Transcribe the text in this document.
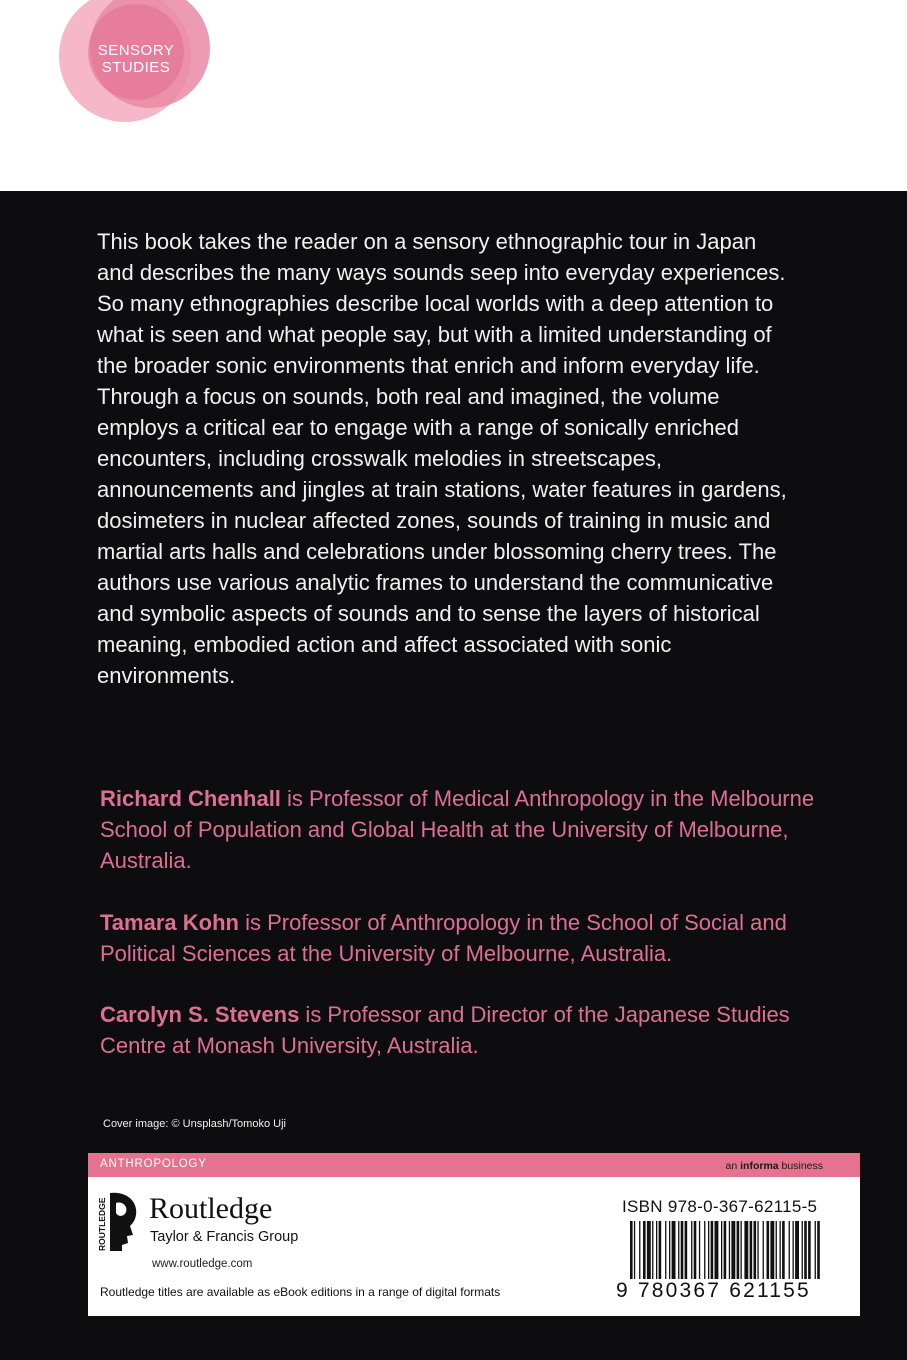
SENSORY
STUDIES

This book takes the reader on a sensory ethnographic tour in Japan and describes the many ways sounds seep into everyday experiences. So many ethnographies describe local worlds with a deep attention to what is seen and what people say, but with a limited understanding of the broader sonic environments that enrich and inform everyday life. Through a focus on sounds, both real and imagined, the volume employs a critical ear to engage with a range of sonically enriched encounters, including crosswalk melodies in streetscapes, announcements and jingles at train stations, water features in gardens, dosimeters in nuclear affected zones, sounds of training in music and martial arts halls and celebrations under blossoming cherry trees. The authors use various analytic frames to understand the communicative and symbolic aspects of sounds and to sense the layers of historical meaning, embodied action and affect associated with sonic environments.

Richard Chenhall is Professor of Medical Anthropology in the Melbourne School of Population and Global Health at the University of Melbourne, Australia.

Tamara Kohn is Professor of Anthropology in the School of Social and Political Sciences at the University of Melbourne, Australia.

Carolyn S. Stevens is Professor and Director of the Japanese Studies Centre at Monash University, Australia.

Cover image: © Unsplash/Tomoko Uji
ANTHROPOLOGY	an informa business
ROUTLEDGE Routledge
Taylor & Francis Group
www.routledge.com
Routledge titles are available as eBook editions in a range of digital formats
ISBN 978-0-367-62115-5
9 780367 621155
